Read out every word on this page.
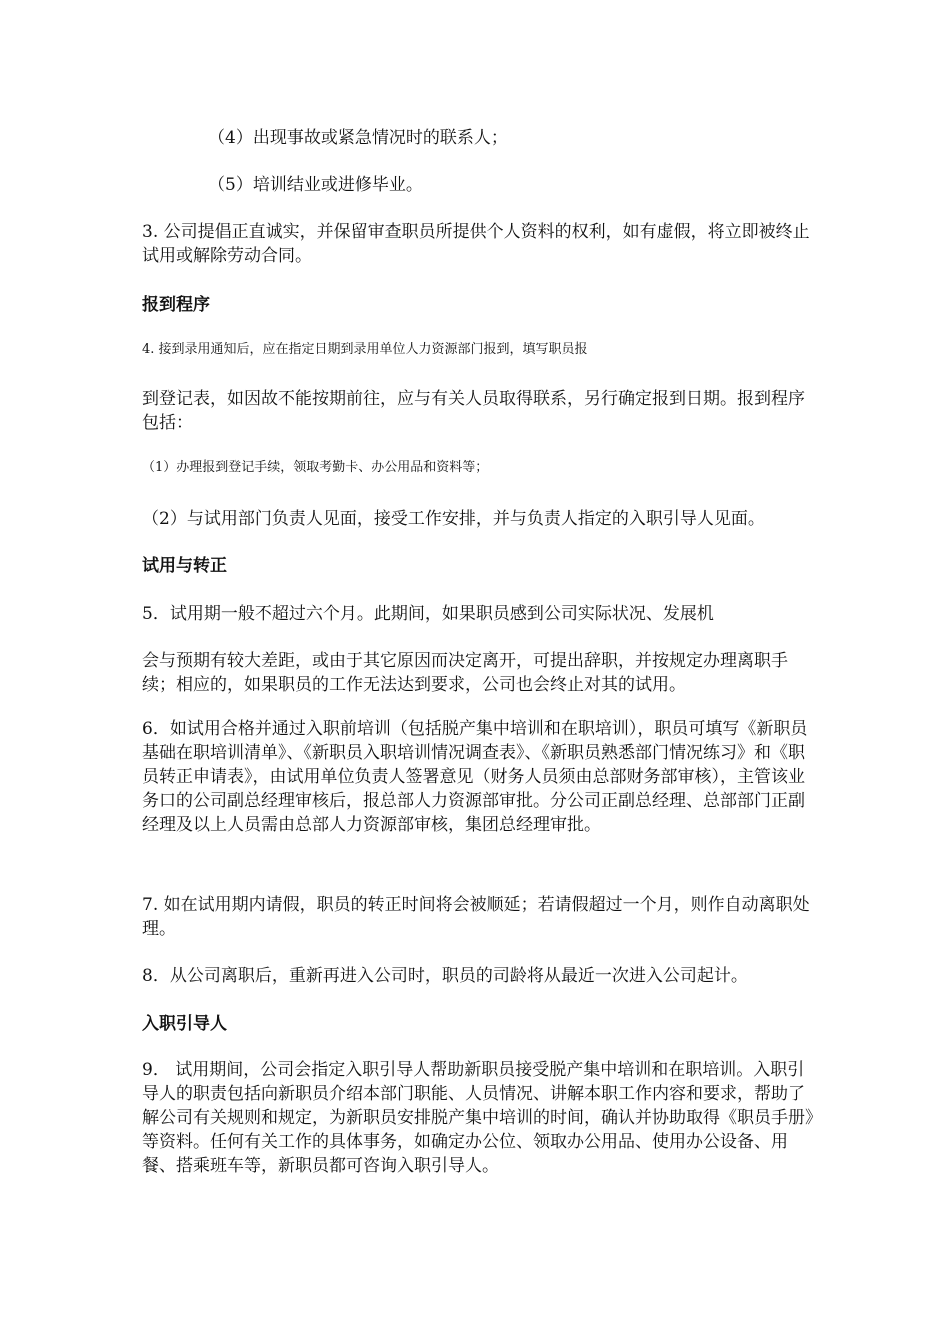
（4）出现事故或紧急情况时的联系人；

（5）培训结业或进修毕业。

3. 公司提倡正直诚实，并保留审查职员所提供个人资料的权利，如有虚假，将立即被终止试用或解除劳动合同。

报到程序

4. 接到录用通知后，应在指定日期到录用单位人力资源部门报到，填写职员报

到登记表，如因故不能按期前往，应与有关人员取得联系，另行确定报到日期。报到程序包括：

（1）办理报到登记手续，领取考勤卡、办公用品和资料等；

（2）与试用部门负责人见面，接受工作安排，并与负责人指定的入职引导人见面。

试用与转正

5．试用期一般不超过六个月。此期间，如果职员感到公司实际状况、发展机

会与预期有较大差距，或由于其它原因而决定离开，可提出辞职，并按规定办理离职手续；相应的，如果职员的工作无法达到要求，公司也会终止对其的试用。

6．如试用合格并通过入职前培训（包括脱产集中培训和在职培训），职员可填写《新职员基础在职培训清单》、《新职员入职培训情况调查表》、《新职员熟悉部门情况练习》和《职员转正申请表》，由试用单位负责人签署意见（财务人员须由总部财务部审核），主管该业务口的公司副总经理审核后，报总部人力资源部审批。分公司正副总经理、总部部门正副经理及以上人员需由总部人力资源部审核，集团总经理审批。

7. 如在试用期内请假，职员的转正时间将会被顺延；若请假超过一个月，则作自动离职处理。

8．从公司离职后，重新再进入公司时，职员的司龄将从最近一次进入公司起计。

入职引导人

9． 试用期间，公司会指定入职引导人帮助新职员接受脱产集中培训和在职培训。入职引导人的职责包括向新职员介绍本部门职能、人员情况、讲解本职工作内容和要求，帮助了解公司有关规则和规定，为新职员安排脱产集中培训的时间，确认并协助取得《职员手册》等资料。任何有关工作的具体事务，如确定办公位、领取办公用品、使用办公设备、用餐、搭乘班车等，新职员都可咨询入职引导人。
